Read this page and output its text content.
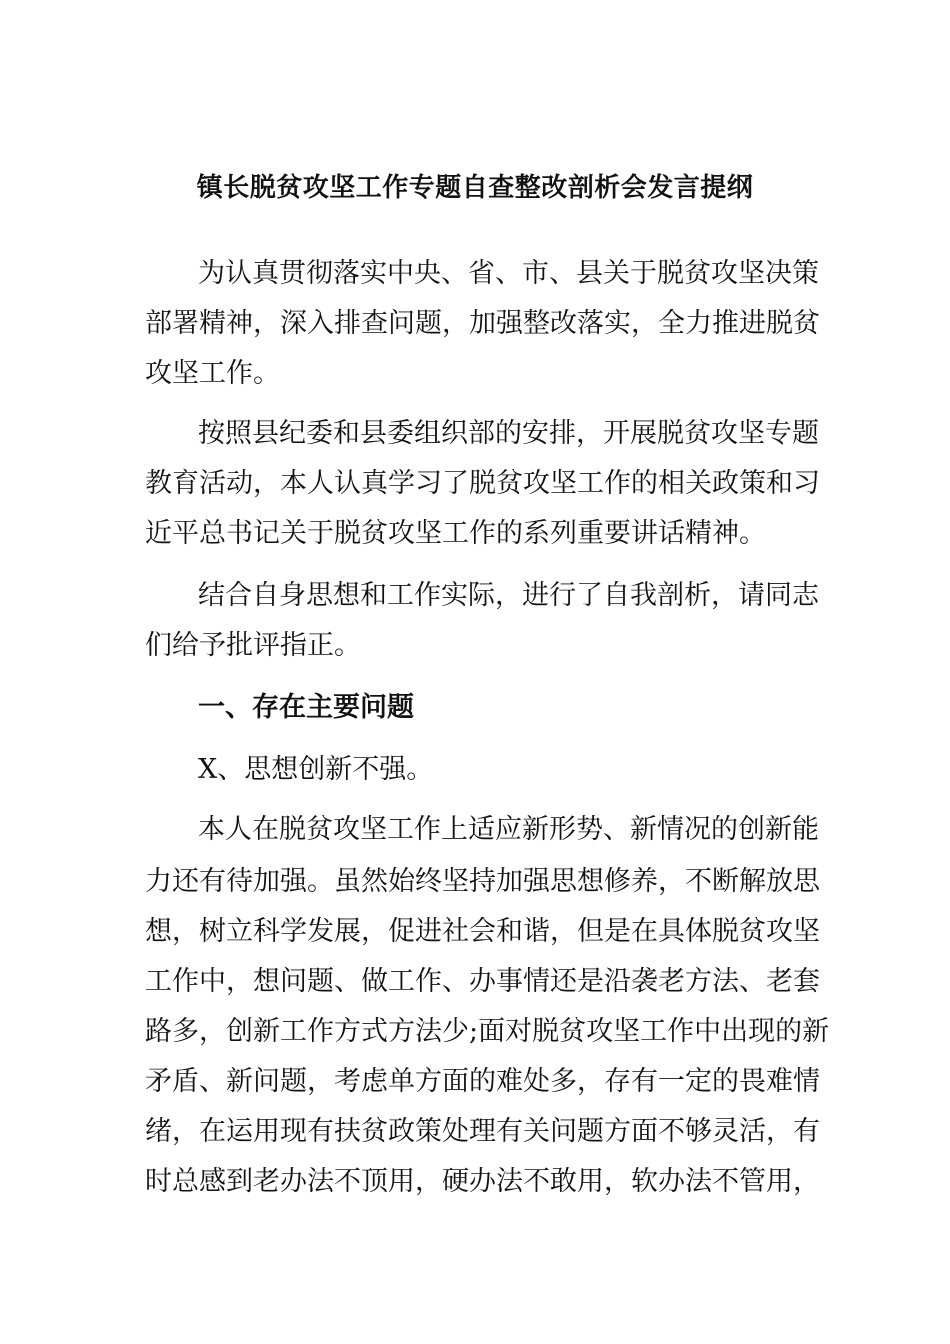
镇长脱贫攻坚工作专题自查整改剖析会发言提纲
为认真贯彻落实中央、省、市、县关于脱贫攻坚决策
部署精神，深入排查问题，加强整改落实，全力推进脱贫
攻坚工作。
按照县纪委和县委组织部的安排，开展脱贫攻坚专题
教育活动，本人认真学习了脱贫攻坚工作的相关政策和习
近平总书记关于脱贫攻坚工作的系列重要讲话精神。
结合自身思想和工作实际，进行了自我剖析，请同志
们给予批评指正。
一、存在主要问题
X、思想创新不强。
本人在脱贫攻坚工作上适应新形势、新情况的创新能
力还有待加强。虽然始终坚持加强思想修养，不断解放思
想，树立科学发展，促进社会和谐，但是在具体脱贫攻坚
工作中，想问题、做工作、办事情还是沿袭老方法、老套
路多，创新工作方式方法少;面对脱贫攻坚工作中出现的新
矛盾、新问题，考虑单方面的难处多，存有一定的畏难情
绪，在运用现有扶贫政策处理有关问题方面不够灵活，有
时总感到老办法不顶用，硬办法不敢用，软办法不管用，
